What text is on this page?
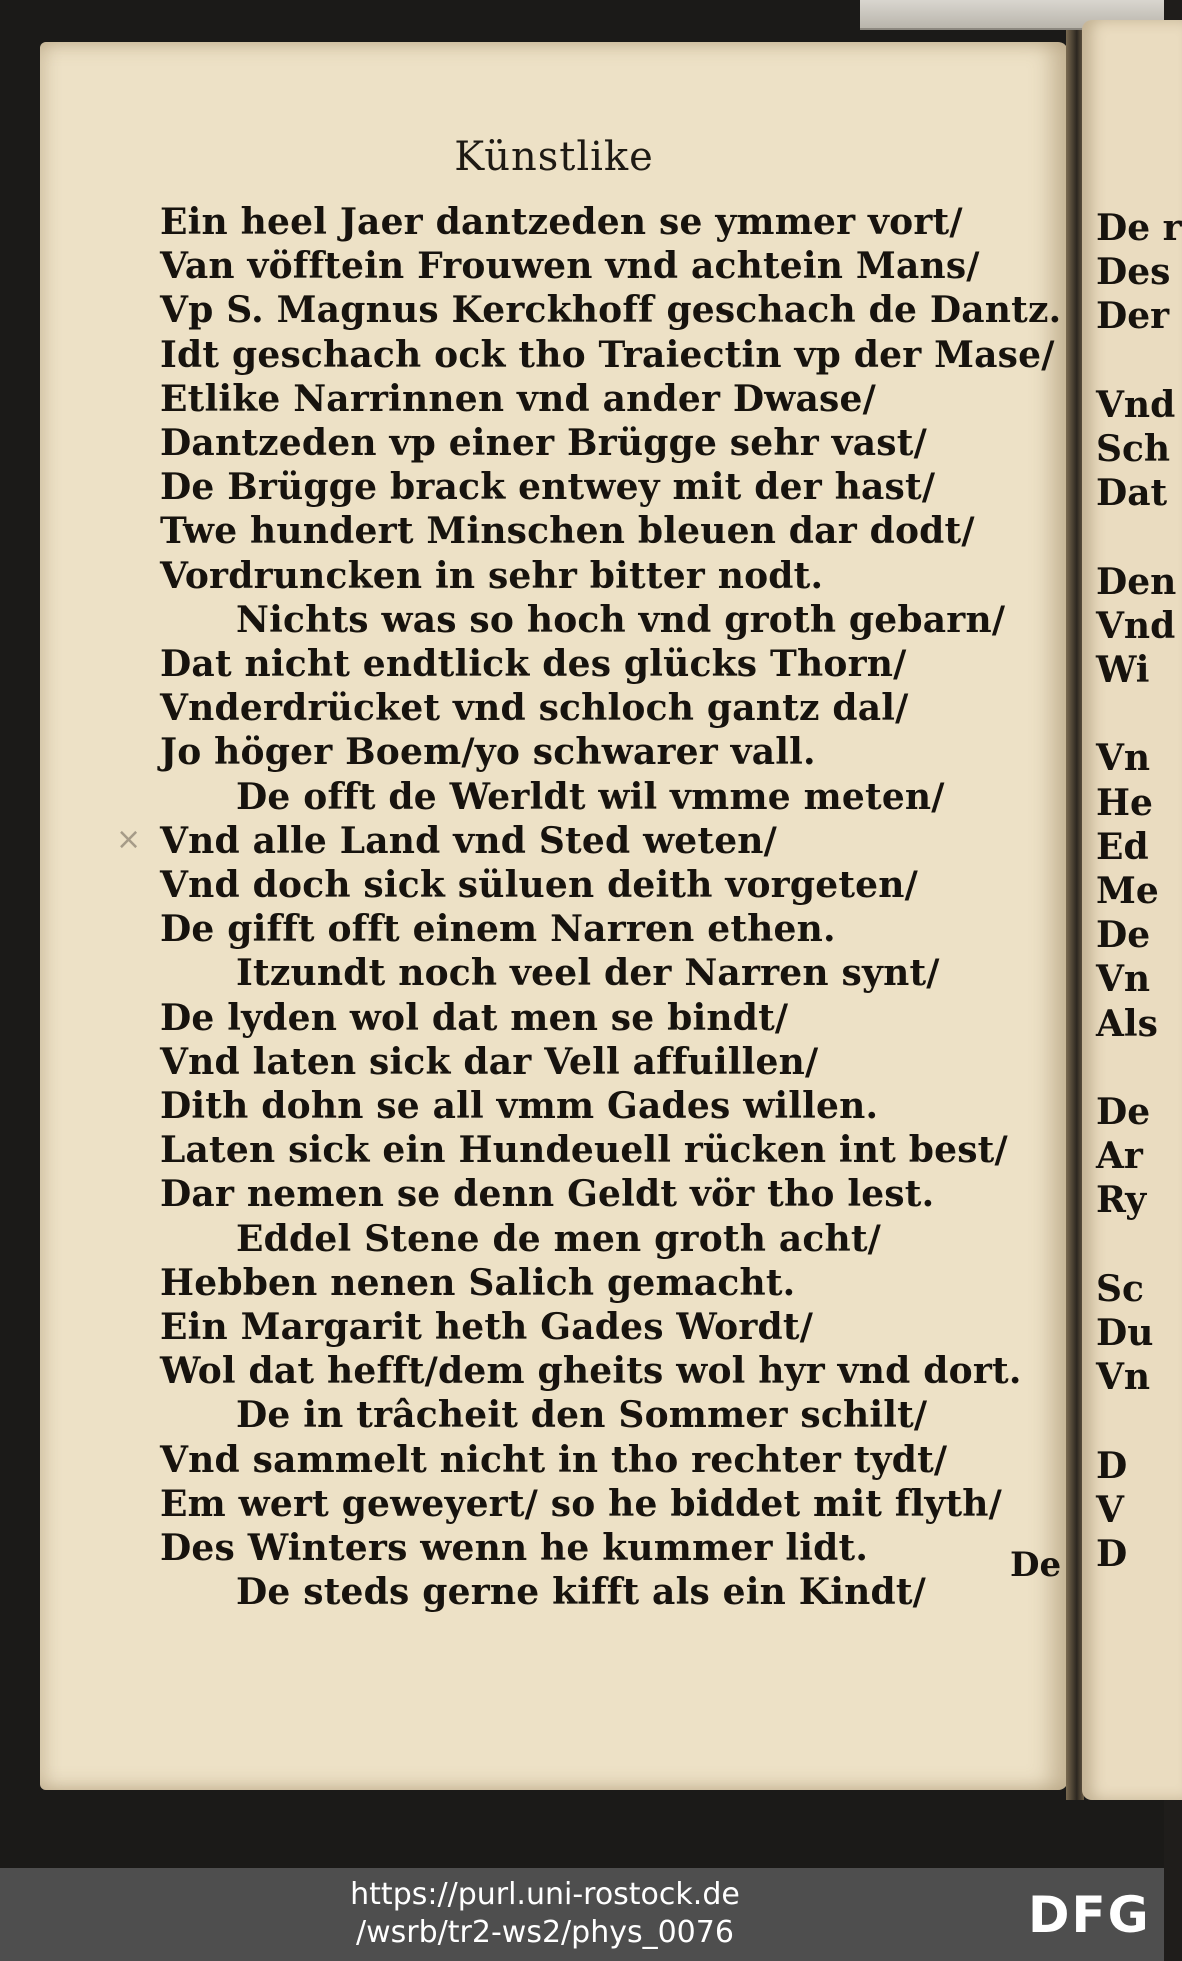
Künstlike
De r
Des
Der
Vnd
Sch
Dat
Den
Vnd
Wi
Vn
He
Ed
Me
De
Vn
Als
De
Ar
Ry
Sc
Du
Vn
D
V
D
Ein heel Jaer dantzeden se ymmer vort/
Van vöfftein Frouwen vnd achtein Mans/
Vp S. Magnus Kerckhoff geschach de Dantz.
Idt geschach ock tho Traiectin vp der Mase/
Etlike Narrinnen vnd ander Dwase/
Dantzeden vp einer Brügge sehr vast/
De Brügge brack entwey mit der hast/
Twe hundert Minschen bleuen dar dodt/
Vordruncken in sehr bitter nodt.
Nichts was so hoch vnd groth gebarn/
Dat nicht endtlick des glücks Thorn/
Vnderdrücket vnd schloch gantz dal/
Jo höger Boem/yo schwarer vall.
De offt de Werldt wil vmme meten/
Vnd alle Land vnd Sted weten/
Vnd doch sick süluen deith vorgeten/
De gifft offt einem Narren ethen.
Itzundt noch veel der Narren synt/
De lyden wol dat men se bindt/
Vnd laten sick dar Vell affuillen/
Dith dohn se all vmm Gades willen.
Laten sick ein Hundeuell rücken int best/
Dar nemen se denn Geldt vör tho lest.
Eddel Stene de men groth acht/
Hebben nenen Salich gemacht.
Ein Margarit heth Gades Wordt/
Wol dat hefft/dem gheits wol hyr vnd dort.
De in trâcheit den Sommer schilt/
Vnd sammelt nicht in tho rechter tydt/
Em wert geweyert/ so he biddet mit flyth/
Des Winters wenn he kummer lidt.
De steds gerne kifft als ein Kindt/
De
×
https://purl.uni-rostock.de
/wsrb/tr2-ws2/phys_0076	DFG
